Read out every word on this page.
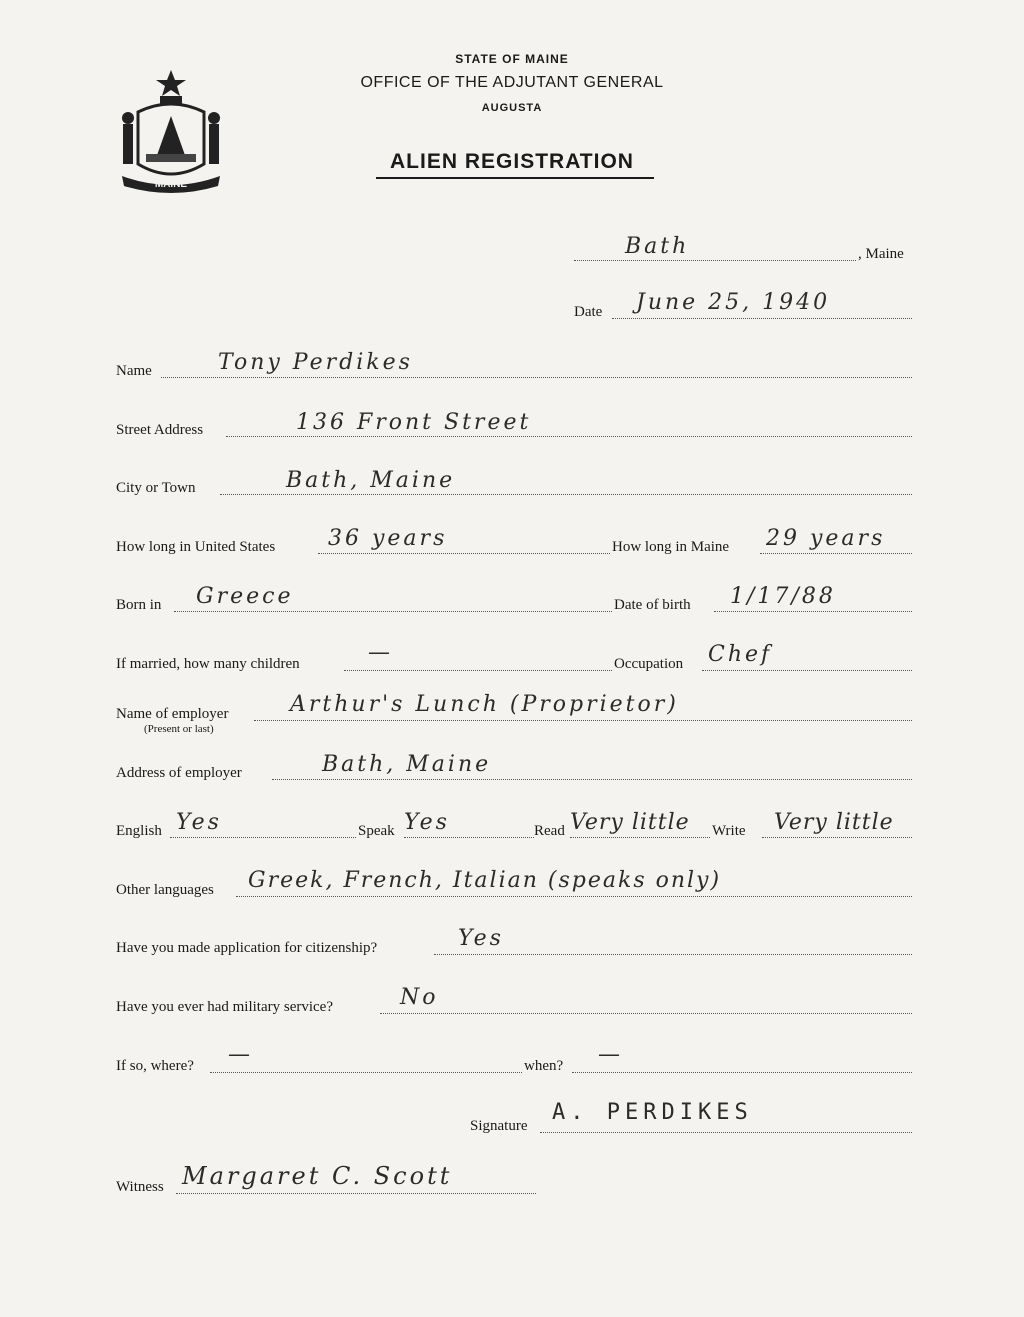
MAINE
STATE OF MAINE
OFFICE OF THE ADJUTANT GENERAL
AUGUSTA
ALIEN REGISTRATION
Bath	, Maine
Date June 25, 1940
Name	Tony Perdikes
Street Address	136 Front Street
City or Town	Bath, Maine
How long in United States 36 years	How long in Maine 29 years
Born in Greece	Date of birth 1/17/88
If married, how many children	—	Occupation Chef
Name of employer
(Present or last)
Arthur's Lunch (Proprietor)
Address of employer	Bath, Maine
English Yes	Speak Yes	Read Very little Write Very little
Other languages Greek, French, Italian (speaks only)
Have you made application for citizenship?	Yes
Have you ever had military service?	No
If so, where? —	when? —
Signature
A. PERDIKES
Witness Margaret C. Scott
